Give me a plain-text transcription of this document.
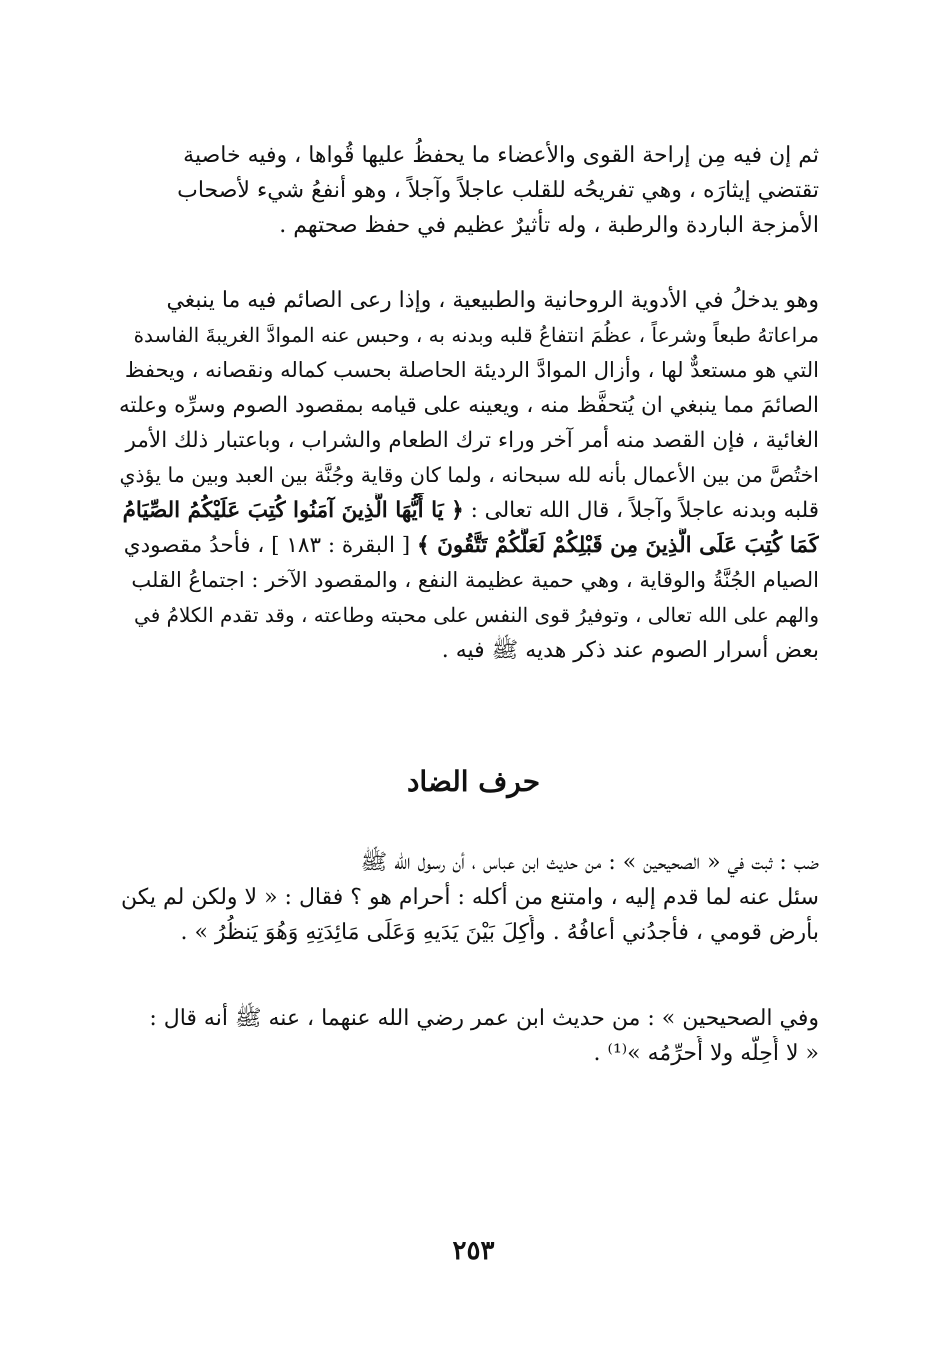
ثم إن فيه مِن إراحة القوى والأعضاء ما يحفظُ عليها قُواها ، وفيه خاصية
تقتضي إيثارَه ، وهي تفريحُه للقلب عاجلاً وآجلاً ، وهو أنفعُ شيء لأصحاب
الأمزجة الباردة والرطبة ، وله تأثيرٌ عظيم في حفظ صحتهم .
وهو يدخلُ في الأدوية الروحانية والطبيعية ، وإذا رعى الصائم فيه ما ينبغي
مراعاتهُ طبعاً وشرعاً ، عظُمَ انتفاعُ قلبه وبدنه به ، وحبس عنه الموادَّ الغريبةَ الفاسدة
التي هو مستعدٌّ لها ، وأزال الموادَّ الرديئة الحاصلة بحسب كماله ونقصانه ، ويحفظ
الصائمَ مما ينبغي ان يُتحفَّظ منه ، ويعينه على قيامه بمقصود الصوم وسرِّه وعلته
الغائية ، فإن القصد منه أمر آخر وراء ترك الطعام والشراب ، وباعتبار ذلك الأمر
اختُصَّ من بين الأعمال بأنه لله سبحانه ، ولما كان وقاية وجُنَّة بين العبد وبين ما يؤذي
قلبه وبدنه عاجلاً وآجلاً ، قال الله تعالى : ﴿ يَا أَيُّهَا الَّذِينَ آمَنُوا كُتِبَ عَلَيْكُمُ الصِّيَامُ
كَمَا كُتِبَ عَلَى الَّذِينَ مِن قَبْلِكُمْ لَعَلَّكُمْ تَتَّقُونَ ﴾ [ البقرة : ١٨٣ ] ، فأحدُ مقصودي
الصيام الجُنَّةُ والوقاية ، وهي حمية عظيمة النفع ، والمقصود الآخر : اجتماعُ القلب
والهم على الله تعالى ، وتوفيرُ قوى النفس على محبته وطاعته ، وقد تقدم الكلامُ في
بعض أسرار الصوم عند ذكر هديه ﷺ فيه .
حرف الضاد
ضب : ثبت في « الصحيحين » : من حديث ابن عباس ، أن رسول الله ﷺ
سئل عنه لما قدم إليه ، وامتنع من أكله : أحرام هو ؟ فقال : « لا ولكن لم يكن
بأرض قومي ، فأجدُني أعافُهُ . وأُكِلَ بَيْنَ يَدَيهِ وَعَلَى مَائِدَتِهِ وَهُوَ يَنظُرُ » .
وفي الصحيحين » : من حديث ابن عمر رضي الله عنهما ، عنه ﷺ أنه قال :
« لا أُحِلُّه ولا أُحرِّمُه »⁽¹⁾ .
٢٥٣
